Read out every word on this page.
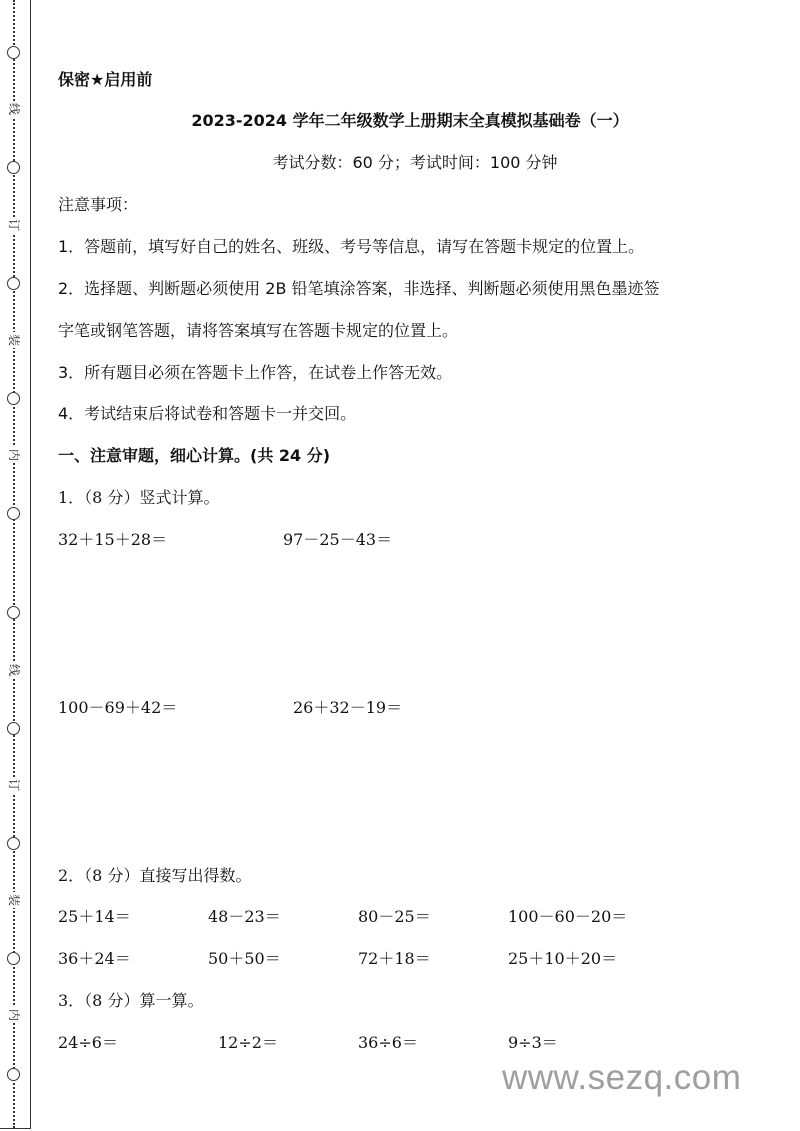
线
订
装
内
线
订
装
内
保密★启用前
2023-2024 学年二年级数学上册期末全真模拟基础卷（一）
考试分数：60 分；考试时间：100 分钟
注意事项：
1．答题前，填写好自己的姓名、班级、考号等信息，请写在答题卡规定的位置上。
2．选择题、判断题必须使用 2B 铅笔填涂答案，非选择、判断题必须使用黑色墨迹签
字笔或钢笔答题，请将答案填写在答题卡规定的位置上。
3．所有题目必须在答题卡上作答，在试卷上作答无效。
4．考试结束后将试卷和答题卡一并交回。
一、注意审题，细心计算。(共 24 分)
1．（8 分）竖式计算。
32＋15＋28＝	97－25－43＝
100－69＋42＝	26＋32－19＝
2．（8 分）直接写出得数。
25＋14＝	48－23＝	80－25＝	100－60－20＝
36＋24＝	50＋50＝	72＋18＝	25＋10＋20＝
3．（8 分）算一算。
24÷6＝	12÷2＝	36÷6＝	9÷3＝
www.sezq.com
